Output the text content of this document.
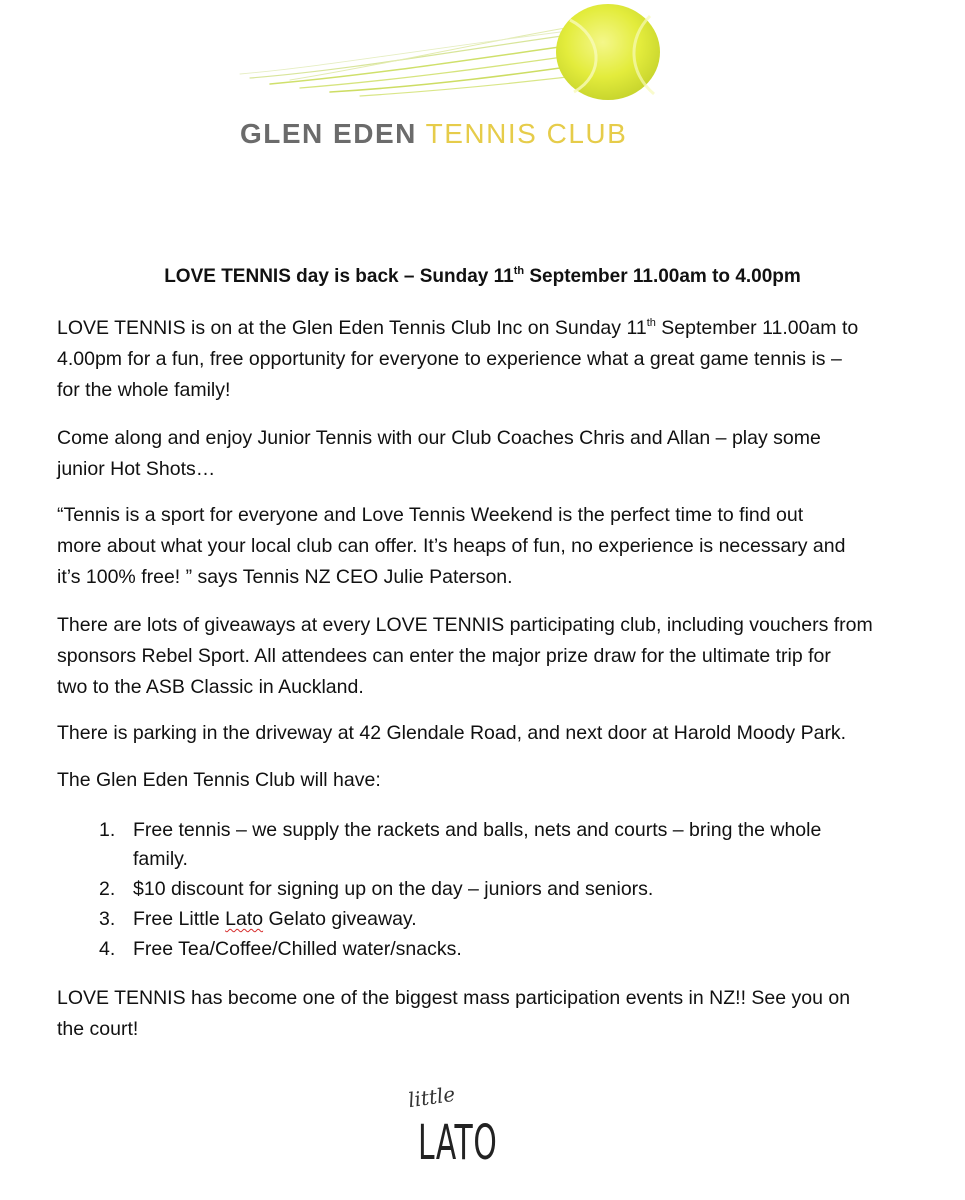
GLEN EDEN TENNIS CLUB
LOVE TENNIS day is back – Sunday 11th September 11.00am to 4.00pm
LOVE TENNIS is on at the Glen Eden Tennis Club Inc on Sunday 11th September 11.00am to
4.00pm for a fun, free opportunity for everyone to experience what a great game tennis is –
for the whole family!
Come along and enjoy Junior Tennis with our Club Coaches Chris and Allan – play some
junior Hot Shots…
“Tennis is a sport for everyone and Love Tennis Weekend is the perfect time to find out
more about what your local club can offer. It’s heaps of fun, no experience is necessary and
it’s 100% free! ” says Tennis NZ CEO Julie Paterson.
There are lots of giveaways at every LOVE TENNIS participating club, including vouchers from
sponsors Rebel Sport. All attendees can enter the major prize draw for the ultimate trip for
two to the ASB Classic in Auckland.
There is parking in the driveway at 42 Glendale Road, and next door at Harold Moody Park.
The Glen Eden Tennis Club will have:
1. Free tennis – we supply the rackets and balls, nets and courts – bring the whole
family.
2. $10 discount for signing up on the day – juniors and seniors.
3. Free Little Lato Gelato giveaway.
4. Free Tea/Coffee/Chilled water/snacks.
LOVE TENNIS has become one of the biggest mass participation events in NZ!! See you on
the court!
little
LATO
